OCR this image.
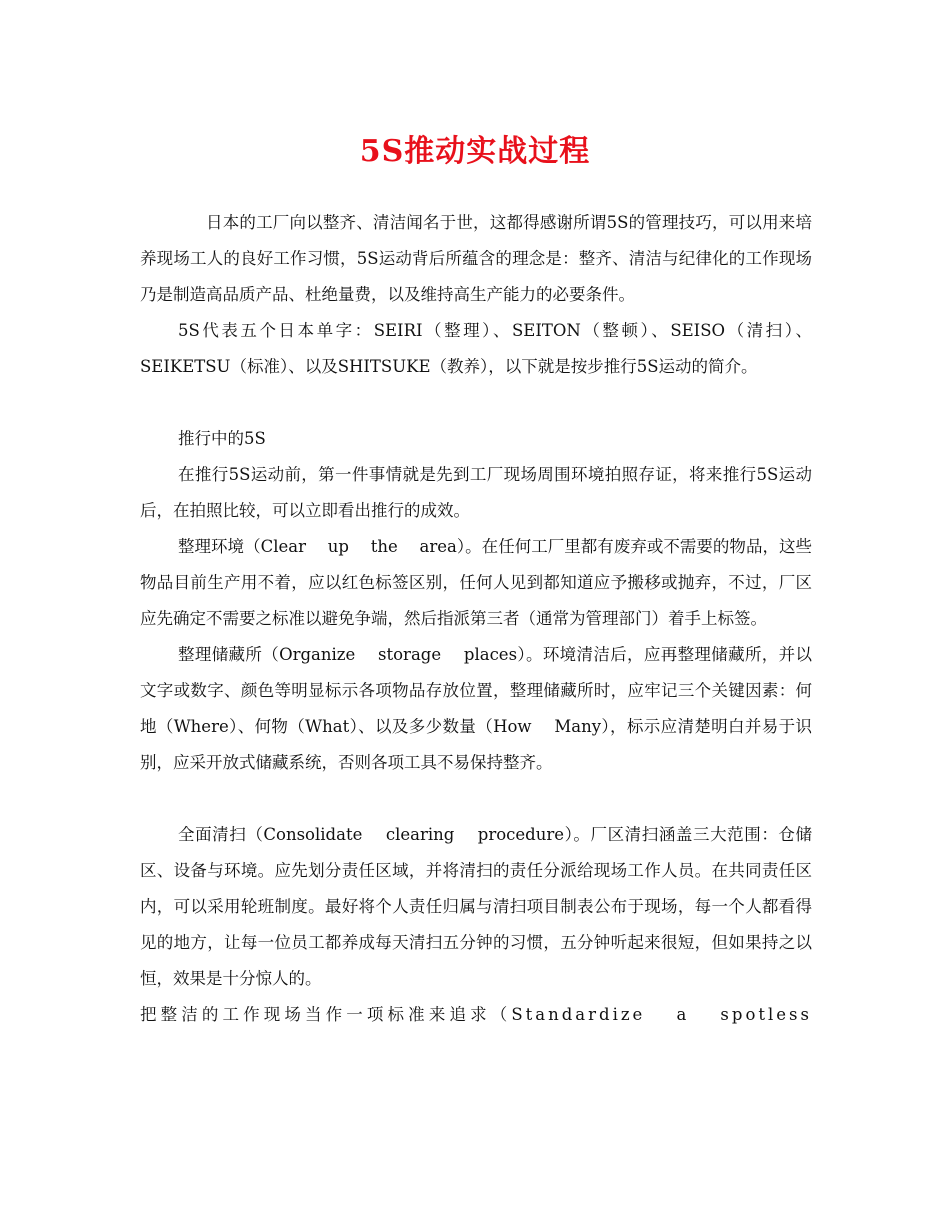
5S推动实战过程

日本的工厂向以整齐、清洁闻名于世，这都得感谢所谓5S的管理技巧，可以用来培养现场工人的良好工作习惯，5S运动背后所蕴含的理念是：整齐、清洁与纪律化的工作现场乃是制造高品质产品、杜绝量费，以及维持高生产能力的必要条件。

5S代表五个日本单字：SEIRI（整理）、SEITON（整顿）、SEISO（清扫）、SEIKETSU（标准）、以及SHITSUKE（教养），以下就是按步推行5S运动的简介。

推行中的5S

在推行5S运动前，第一件事情就是先到工厂现场周围环境拍照存证，将来推行5S运动后，在拍照比较，可以立即看出推行的成效。

整理环境（Clear　 up　 the　 area）。在任何工厂里都有废弃或不需要的物品，这些物品目前生产用不着，应以红色标签区别，任何人见到都知道应予搬移或抛弃，不过，厂区应先确定不需要之标准以避免争端，然后指派第三者（通常为管理部门）着手上标签。

整理储藏所（Organize　 storage　 places）。环境清洁后，应再整理储藏所，并以文字或数字、颜色等明显标示各项物品存放位置，整理储藏所时，应牢记三个关键因素：何地（Where）、何物（What）、以及多少数量（How　 Many），标示应清楚明白并易于识别，应采开放式储藏系统，否则各项工具不易保持整齐。

全面清扫（Consolidate　 clearing　 procedure）。厂区清扫涵盖三大范围：仓储区、设备与环境。应先划分责任区域，并将清扫的责任分派给现场工作人员。在共同责任区内，可以采用轮班制度。最好将个人责任归属与清扫项目制表公布于现场，每一个人都看得见的地方，让每一位员工都养成每天清扫五分钟的习惯，五分钟听起来很短，但如果持之以恒，效果是十分惊人的。

把整洁的工作现场当作一项标准来追求（Standardize　 a　 spotless
